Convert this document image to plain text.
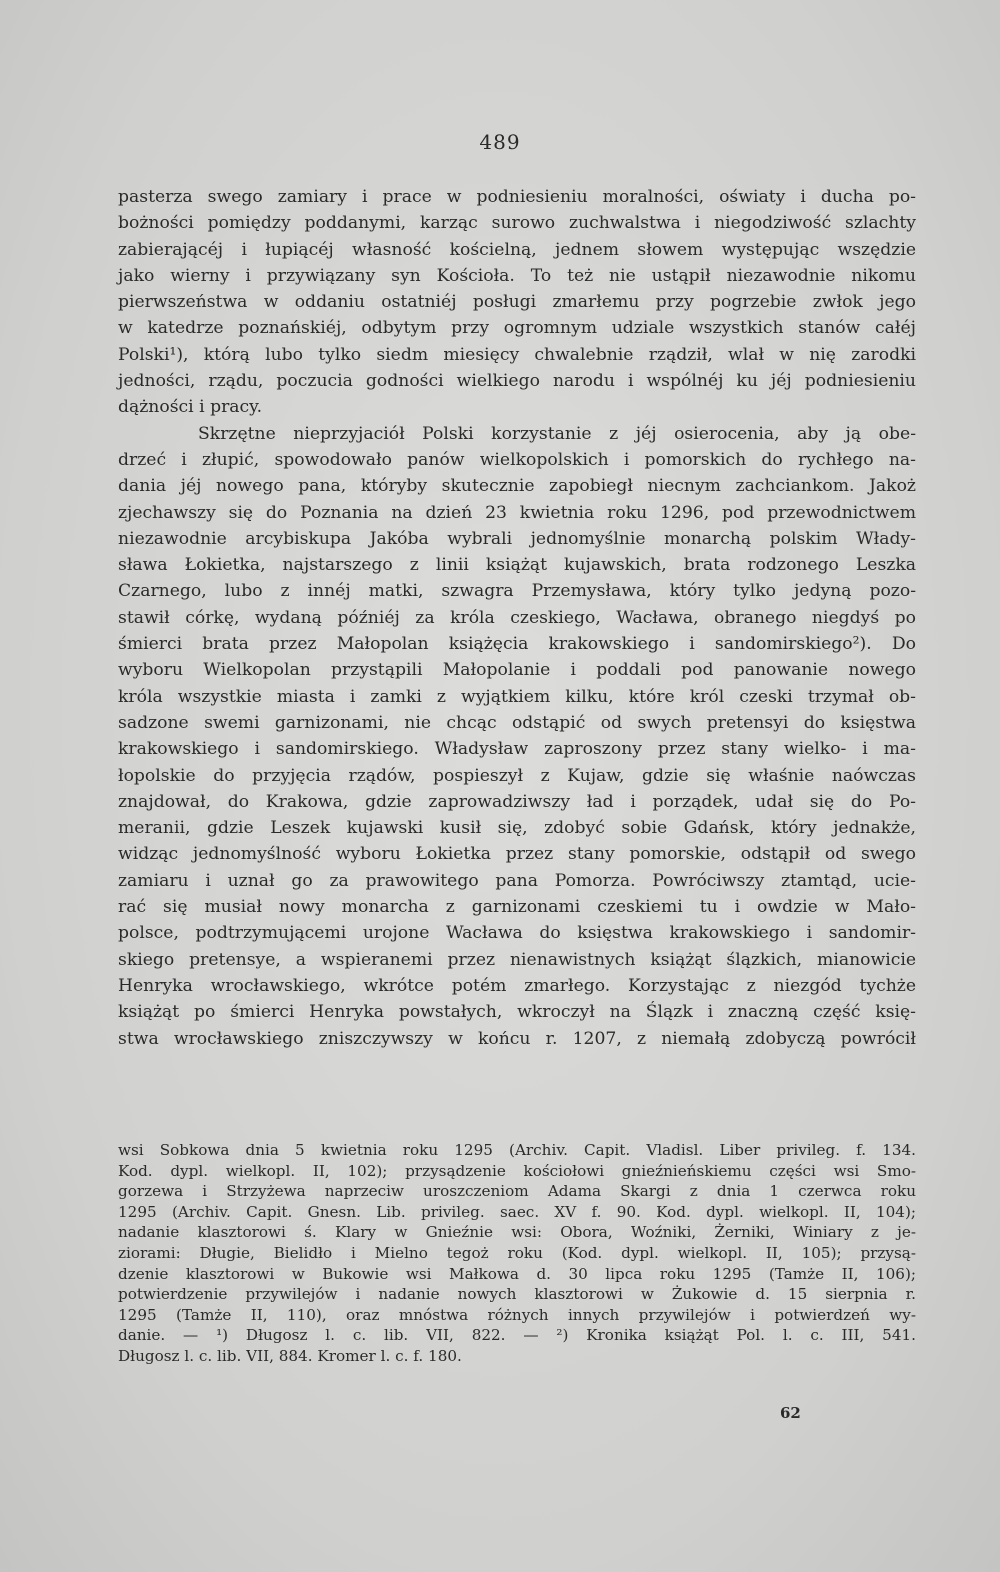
489
pasterza swego zamiary i prace w podniesieniu moralności, oświaty i ducha po-
bożności pomiędzy poddanymi, karząc surowo zuchwalstwa i niegodziwość szlachty
zabierającéj i łupiącéj własność kościelną, jednem słowem występując wszędzie
jako wierny i przywiązany syn Kościoła. To też nie ustąpił niezawodnie nikomu
pierwszeństwa w oddaniu ostatniéj posługi zmarłemu przy pogrzebie zwłok jego
w katedrze poznańskiéj, odbytym przy ogromnym udziale wszystkich stanów całéj
Polski¹), którą lubo tylko siedm miesięcy chwalebnie rządził, wlał w nię zarodki
jedności, rządu, poczucia godności wielkiego narodu i wspólnéj ku jéj podniesieniu
dążności i pracy.
Skrzętne nieprzyjaciół Polski korzystanie z jéj osierocenia, aby ją obe-
drzeć i złupić, spowodowało panów wielkopolskich i pomorskich do rychłego na-
dania jéj nowego pana, któryby skutecznie zapobiegł niecnym zachciankom. Jakoż
zjechawszy się do Poznania na dzień 23 kwietnia roku 1296, pod przewodnictwem
niezawodnie arcybiskupa Jakóba wybrali jednomyślnie monarchą polskim Włady-
sława Łokietka, najstarszego z linii książąt kujawskich, brata rodzonego Leszka
Czarnego, lubo z innéj matki, szwagra Przemysława, który tylko jedyną pozo-
stawił córkę, wydaną późniéj za króla czeskiego, Wacława, obranego niegdyś po
śmierci brata przez Małopolan książęcia krakowskiego i sandomirskiego²). Do
wyboru Wielkopolan przystąpili Małopolanie i poddali pod panowanie nowego
króla wszystkie miasta i zamki z wyjątkiem kilku, które król czeski trzymał ob-
sadzone swemi garnizonami, nie chcąc odstąpić od swych pretensyi do księstwa
krakowskiego i sandomirskiego. Władysław zaproszony przez stany wielko- i ma-
łopolskie do przyjęcia rządów, pospieszył z Kujaw, gdzie się właśnie naówczas
znajdował, do Krakowa, gdzie zaprowadziwszy ład i porządek, udał się do Po-
meranii, gdzie Leszek kujawski kusił się, zdobyć sobie Gdańsk, który jednakże,
widząc jednomyślność wyboru Łokietka przez stany pomorskie, odstąpił od swego
zamiaru i uznał go za prawowitego pana Pomorza. Powróciwszy ztamtąd, ucie-
rać się musiał nowy monarcha z garnizonami czeskiemi tu i owdzie w Mało-
polsce, podtrzymującemi urojone Wacława do księstwa krakowskiego i sandomir-
skiego pretensye, a wspieranemi przez nienawistnych książąt ślązkich, mianowicie
Henryka wrocławskiego, wkrótce potém zmarłego. Korzystając z niezgód tychże
książąt po śmierci Henryka powstałych, wkroczył na Ślązk i znaczną część księ-
stwa wrocławskiego zniszczywszy w końcu r. 1207, z niemałą zdobyczą powrócił
wsi Sobkowa dnia 5 kwietnia roku 1295 (Archiv. Capit. Vladisl. Liber privileg. f. 134.
Kod. dypl. wielkopl. II, 102); przysądzenie kościołowi gnieźnieńskiemu części wsi Smo-
gorzewa i Strzyżewa naprzeciw uroszczeniom Adama Skargi z dnia 1 czerwca roku
1295 (Archiv. Capit. Gnesn. Lib. privileg. saec. XV f. 90. Kod. dypl. wielkopl. II, 104);
nadanie klasztorowi ś. Klary w Gnieźnie wsi: Obora, Woźniki, Żerniki, Winiary z je-
ziorami: Długie, Bielidło i Mielno tegoż roku (Kod. dypl. wielkopl. II, 105); przysą-
dzenie klasztorowi w Bukowie wsi Małkowa d. 30 lipca roku 1295 (Tamże II, 106);
potwierdzenie przywilejów i nadanie nowych klasztorowi w Żukowie d. 15 sierpnia r.
1295 (Tamże II, 110), oraz mnóstwa różnych innych przywilejów i potwierdzeń wy-
danie. — ¹) Długosz l. c. lib. VII, 822. — ²) Kronika książąt Pol. l. c. III, 541.
Długosz l. c. lib. VII, 884. Kromer l. c. f. 180.
62
